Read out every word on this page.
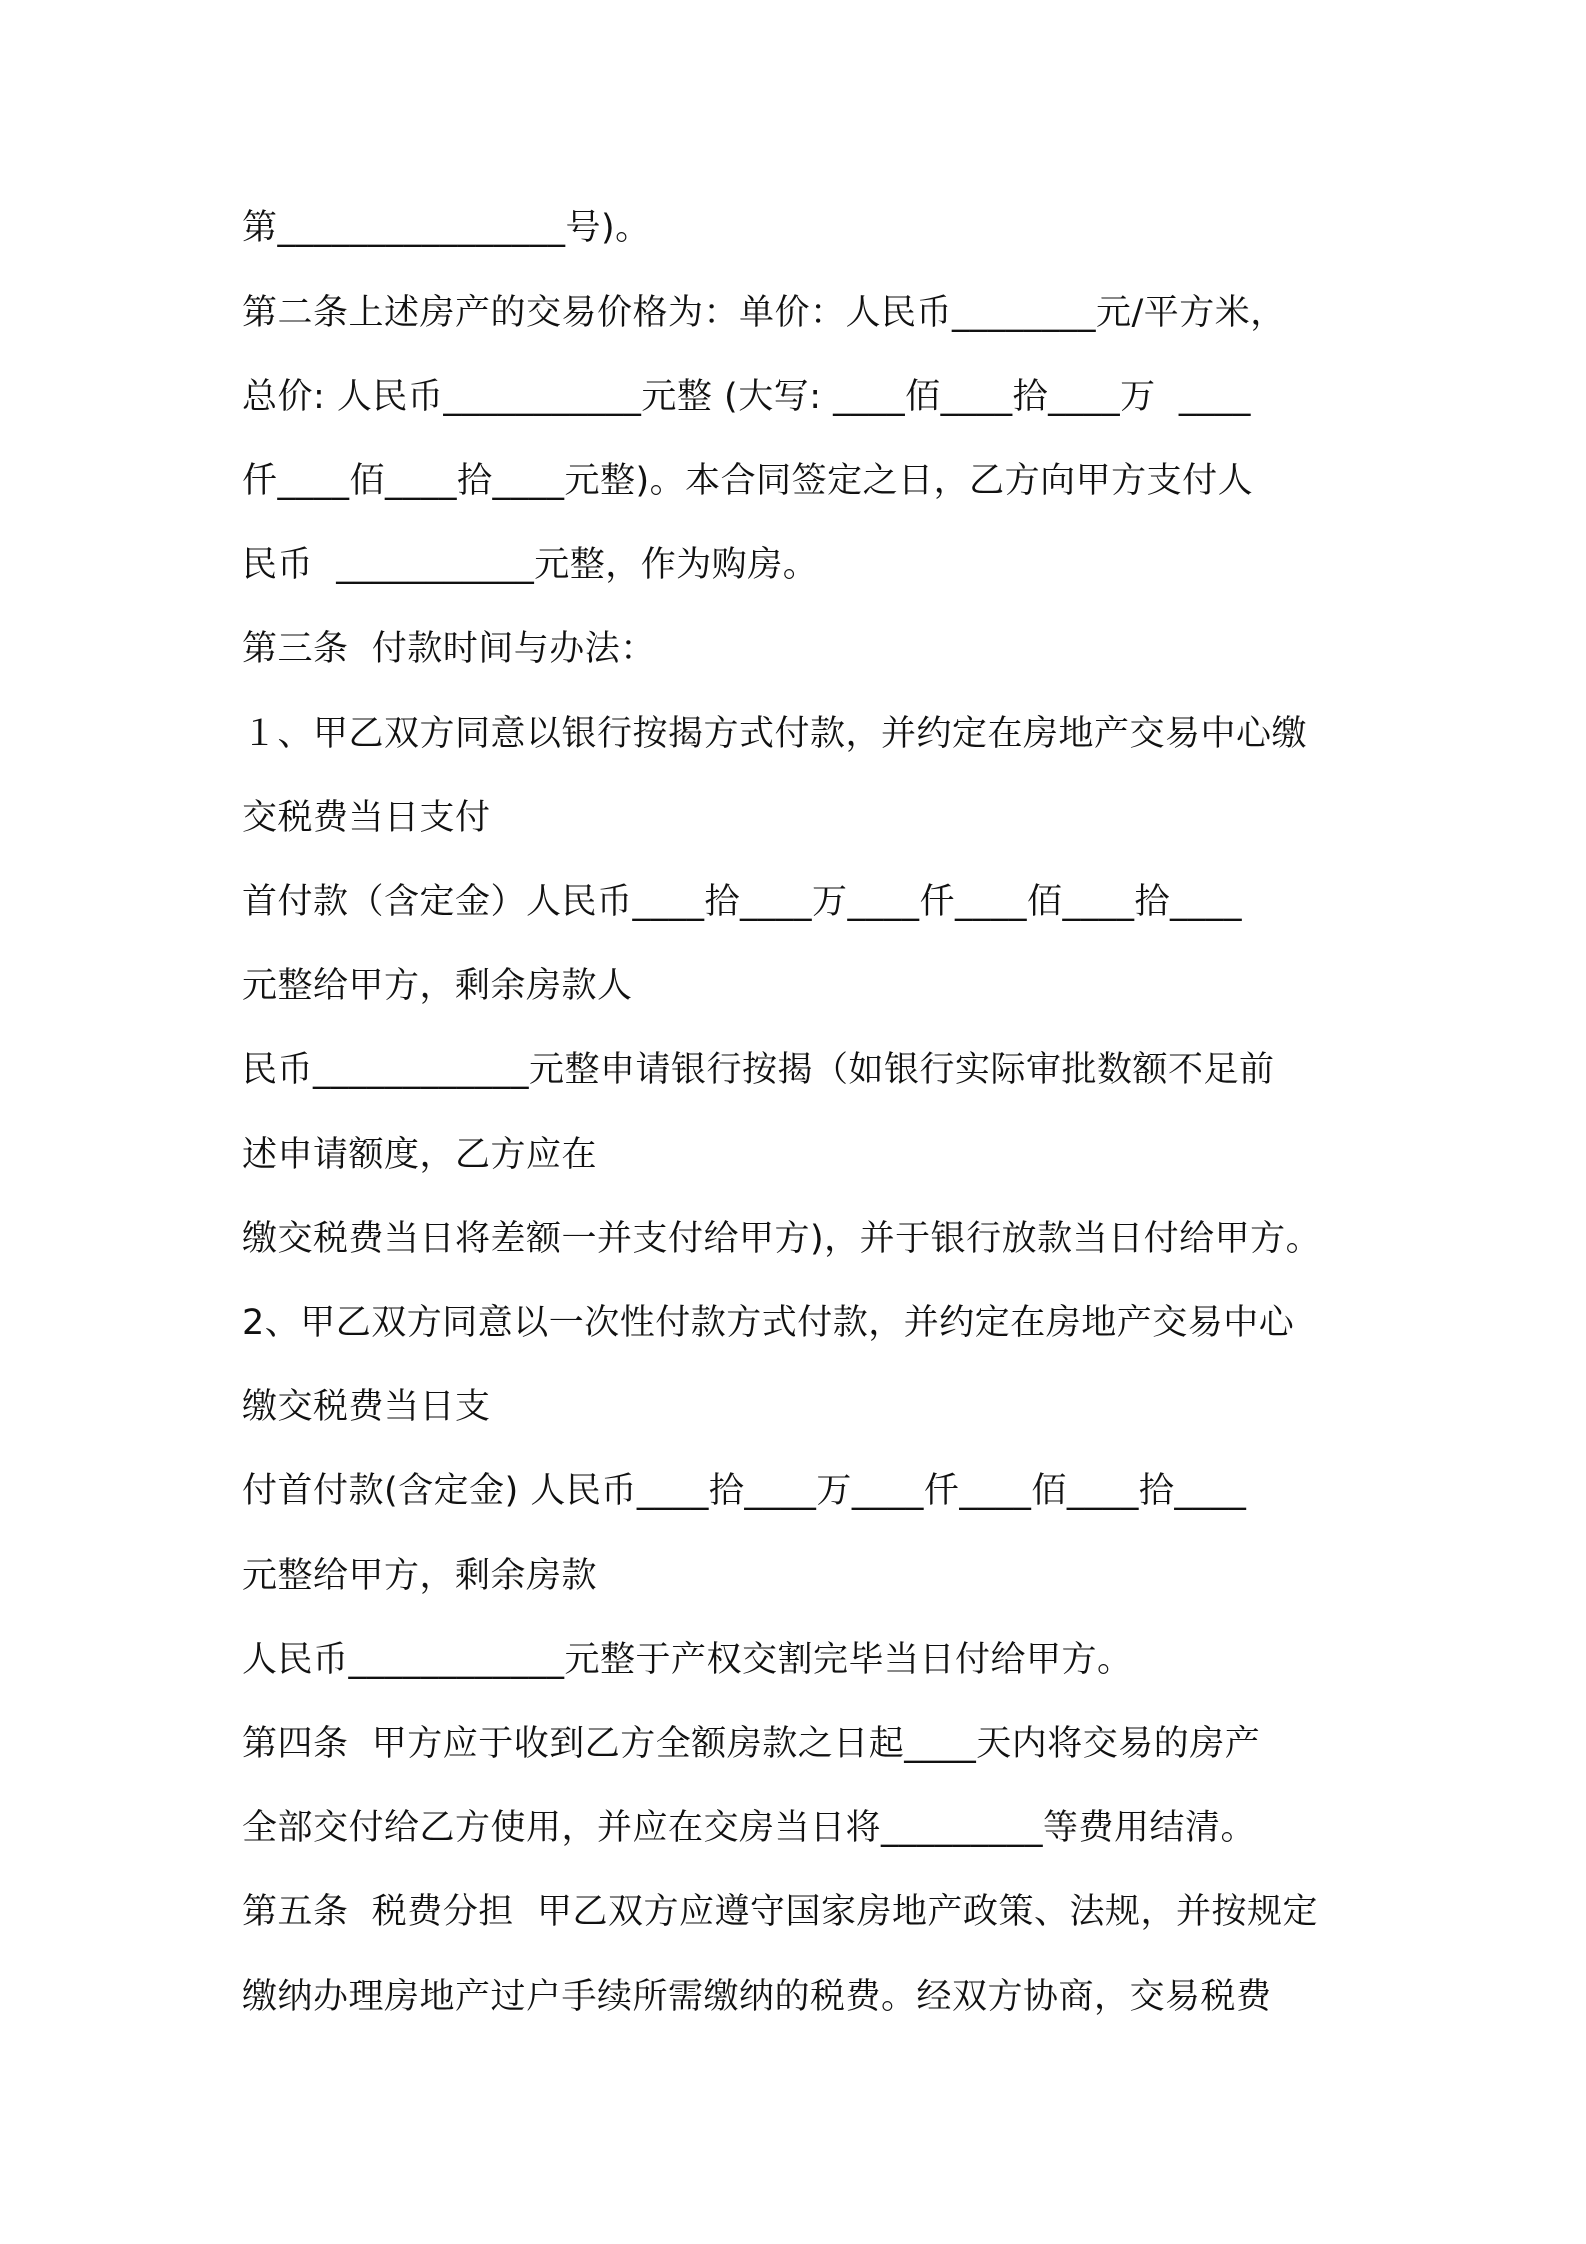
第________________号)。
第二条上述房产的交易价格为：单价：人民币________元/平方米，
总价: 人民币___________元整 (大写: ____佰____拾____万  ____
仟____佰____拾____元整)。本合同签定之日，乙方向甲方支付人
民币  ___________元整，作为购房。
第三条  付款时间与办法：
１、甲乙双方同意以银行按揭方式付款，并约定在房地产交易中心缴
交税费当日支付
首付款（含定金）人民币____拾____万____仟____佰____拾____
元整给甲方，剩余房款人
民币____________元整申请银行按揭（如银行实际审批数额不足前
述申请额度，乙方应在
缴交税费当日将差额一并支付给甲方)，并于银行放款当日付给甲方。
2、甲乙双方同意以一次性付款方式付款，并约定在房地产交易中心
缴交税费当日支
付首付款(含定金) 人民币____拾____万____仟____佰____拾____
元整给甲方，剩余房款
人民币____________元整于产权交割完毕当日付给甲方。
第四条  甲方应于收到乙方全额房款之日起____天内将交易的房产
全部交付给乙方使用，并应在交房当日将_________等费用结清。
第五条  税费分担  甲乙双方应遵守国家房地产政策、法规，并按规定
缴纳办理房地产过户手续所需缴纳的税费。经双方协商，交易税费
